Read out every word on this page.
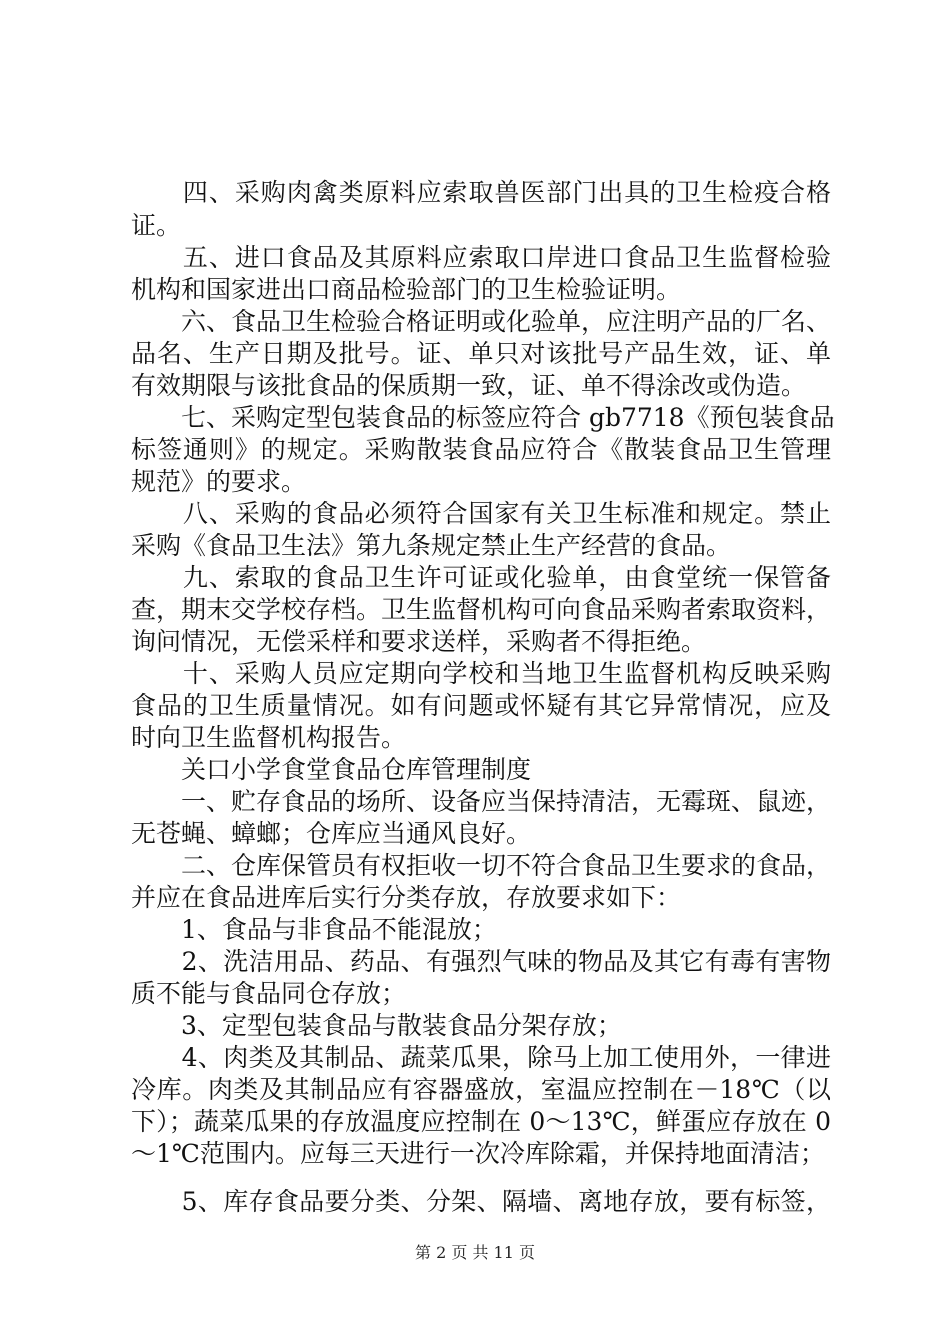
　　四、采购肉禽类原料应索取兽医部门出具的卫生检疫合格
证。
　　五、进口食品及其原料应索取口岸进口食品卫生监督检验
机构和国家进出口商品检验部门的卫生检验证明。
　　六、食品卫生检验合格证明或化验单，应注明产品的厂名、
品名、生产日期及批号。证、单只对该批号产品生效，证、单
有效期限与该批食品的保质期一致，证、单不得涂改或伪造。
　　七、采购定型包装食品的标签应符合 gb7718《预包装食品
标签通则》的规定。采购散装食品应符合《散装食品卫生管理
规范》的要求。
　　八、采购的食品必须符合国家有关卫生标准和规定。禁止
采购《食品卫生法》第九条规定禁止生产经营的食品。
　　九、索取的食品卫生许可证或化验单，由食堂统一保管备
查，期末交学校存档。卫生监督机构可向食品采购者索取资料，
询问情况，无偿采样和要求送样，采购者不得拒绝。
　　十、采购人员应定期向学校和当地卫生监督机构反映采购
食品的卫生质量情况。如有问题或怀疑有其它异常情况，应及
时向卫生监督机构报告。
　　关口小学食堂食品仓库管理制度
　　一、贮存食品的场所、设备应当保持清洁，无霉斑、鼠迹，
无苍蝇、蟑螂；仓库应当通风良好。
　　二、仓库保管员有权拒收一切不符合食品卫生要求的食品，
并应在食品进库后实行分类存放，存放要求如下：
　　1、食品与非食品不能混放；
　　2、洗洁用品、药品、有强烈气味的物品及其它有毒有害物
质不能与食品同仓存放；
　　3、定型包装食品与散装食品分架存放；
　　4、肉类及其制品、蔬菜瓜果，除马上加工使用外，一律进
冷库。肉类及其制品应有容器盛放，室温应控制在－18℃（以
下）；蔬菜瓜果的存放温度应控制在 0～13℃，鲜蛋应存放在 0
～1℃范围内。应每三天进行一次冷库除霜，并保持地面清洁；
　　5、库存食品要分类、分架、隔墙、离地存放，要有标签，
第 2 页 共 11 页
